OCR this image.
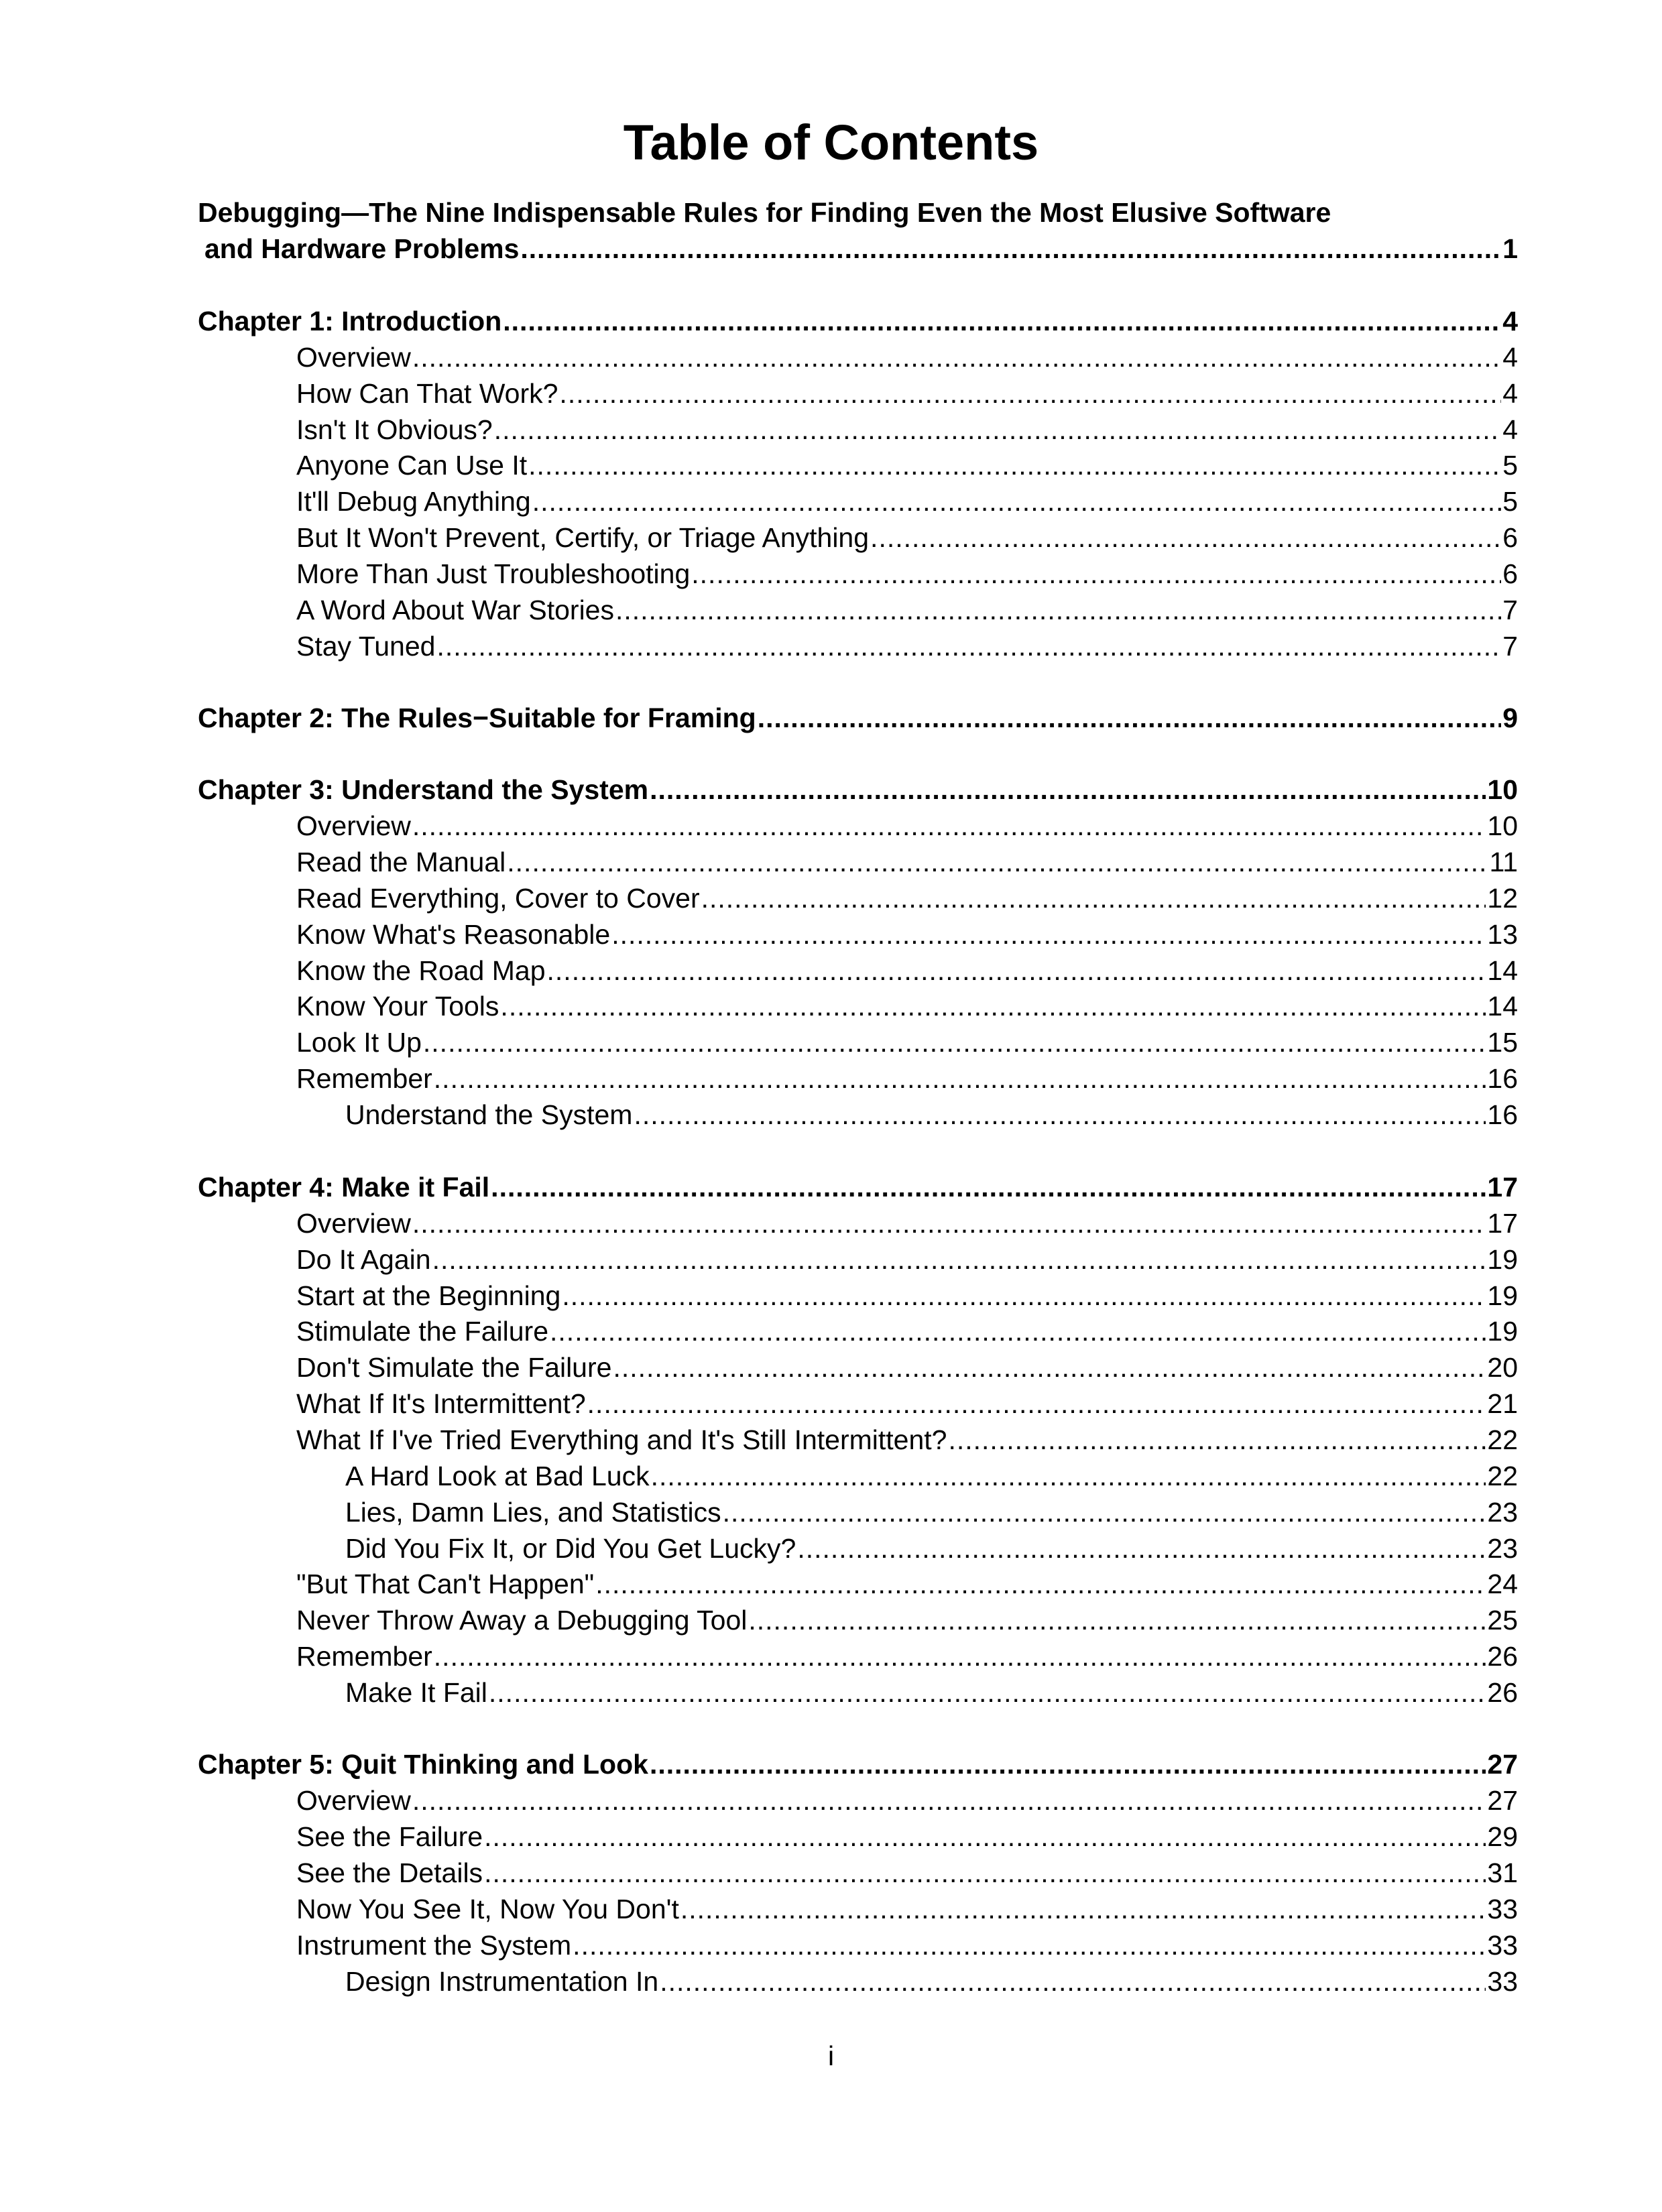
Table of Contents
Debugging—The Nine Indispensable Rules for Finding Even the Most Elusive Software
and Hardware Problems .....	1
Chapter 1: Introduction .....	4
Overview .....	4
How Can That Work? .....	4
Isn't It Obvious? .....	4
Anyone Can Use It .....	5
It'll Debug Anything .....	5
But It Won't Prevent, Certify, or Triage Anything .....	6
More Than Just Troubleshooting .....	6
A Word About War Stories .....	7
Stay Tuned .....	7
Chapter 2: The Rules−Suitable for Framing .....	9
Chapter 3: Understand the System .....	10
Overview .....	10
Read the Manual .....	11
Read Everything, Cover to Cover .....	12
Know What's Reasonable .....	13
Know the Road Map .....	14
Know Your Tools .....	14
Look It Up .....	15
Remember .....	16
Understand the System .....	16
Chapter 4: Make it Fail .....	17
Overview .....	17
Do It Again .....	19
Start at the Beginning .....	19
Stimulate the Failure .....	19
Don't Simulate the Failure .....	20
What If It's Intermittent? .....	21
What If I've Tried Everything and It's Still Intermittent? .....	22
A Hard Look at Bad Luck .....	22
Lies, Damn Lies, and Statistics .....	23
Did You Fix It, or Did You Get Lucky? .....	23
"But That Can't Happen" .....	24
Never Throw Away a Debugging Tool .....	25
Remember .....	26
Make It Fail .....	26
Chapter 5: Quit Thinking and Look .....	27
Overview .....	27
See the Failure .....	29
See the Details .....	31
Now You See It, Now You Don't .....	33
Instrument the System .....	33
Design Instrumentation In .....	33
i
